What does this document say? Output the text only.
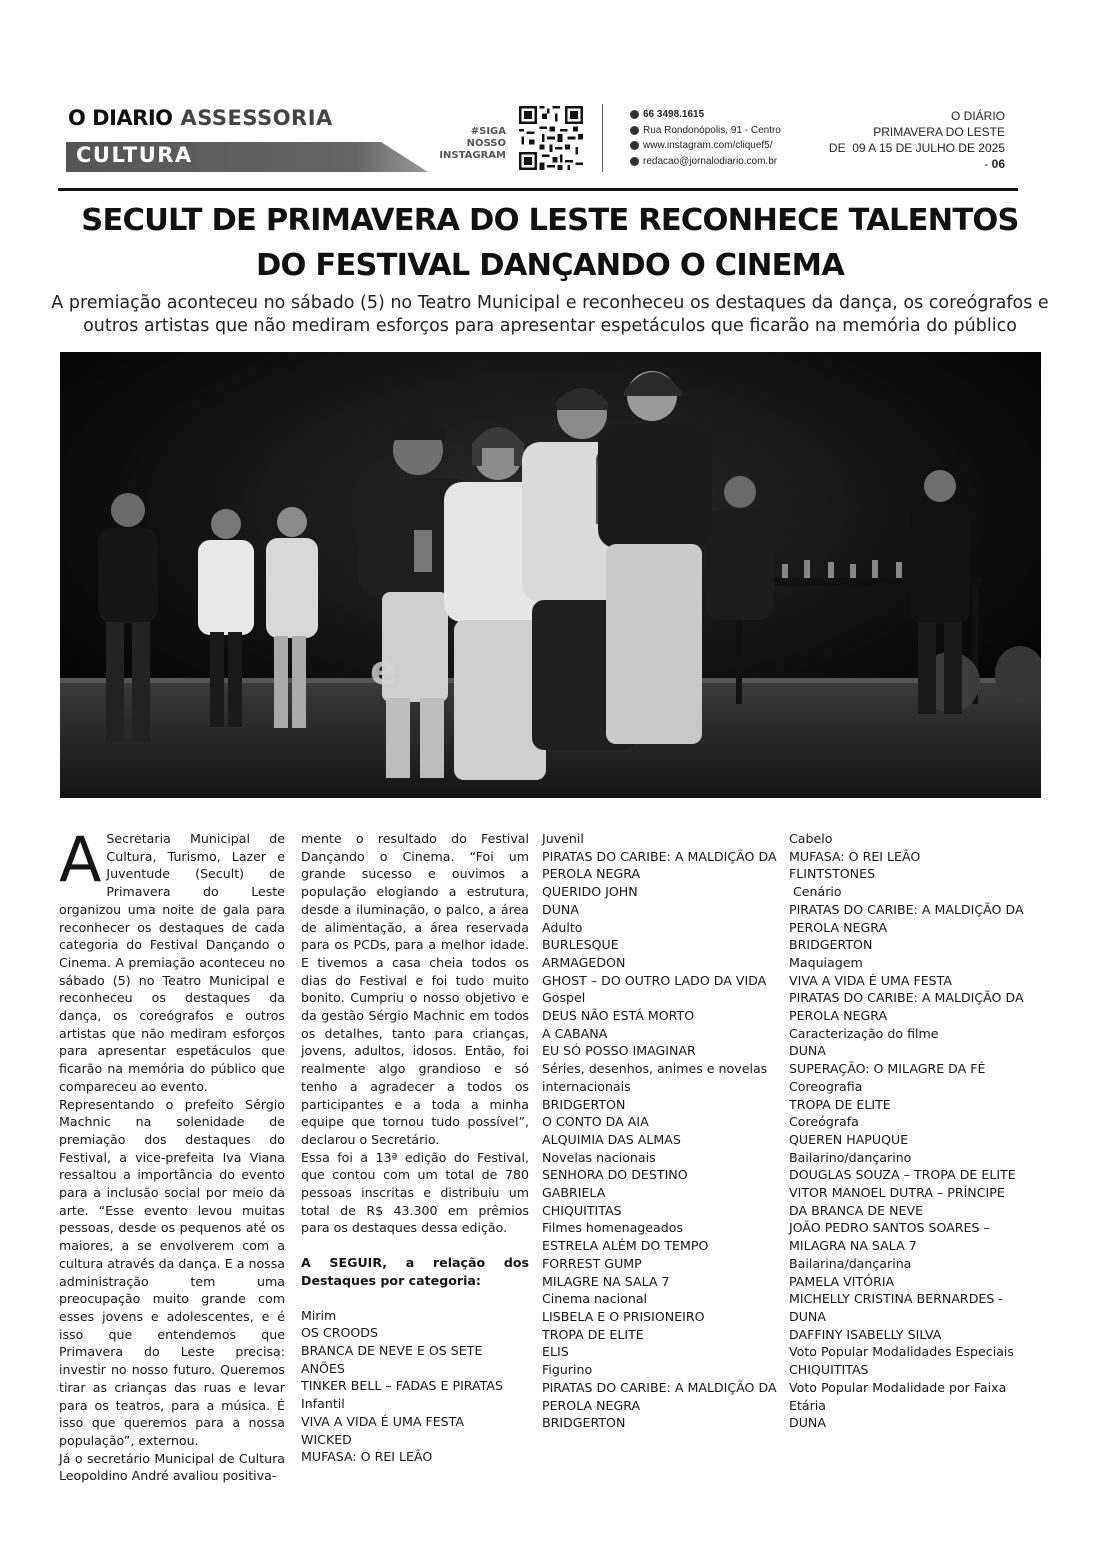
O DIARIO ASSESSORIA
CULTURA
#SIGA
NOSSO
INSTAGRAM
66 3498.1615
Rua Rondonópolis, 91 - Centro
www.instagram.com/cliquef5/
redacao@jornalodiario.com.br
O DIÁRIO
PRIMAVERA DO LESTE
DE  09 A 15 DE JULHO DE 2025
- 06
SECULT DE PRIMAVERA DO LESTE RECONHECE TALENTOS DO FESTIVAL DANÇANDO O CINEMA
A premiação aconteceu no sábado (5) no Teatro Municipal e reconheceu os destaques da dança, os coreógrafos e outros artistas que não mediram esforços para apresentar espetáculos que ficarão na memória do público
e

A Secretaria Municipal de Cultura, Turismo, Lazer e Juventude (Secult) de Primavera do Leste organizou uma noite de gala para reconhecer os destaques de cada categoria do Festival Dançando o Cinema. A premiação aconteceu no sábado (5) no Teatro Municipal e reconheceu os destaques da dança, os coreógrafos e outros artistas que não mediram esforços para apresentar espetáculos que ficarão na memória do público que compareceu ao evento.

Representando o prefeito Sérgio Machnic na solenidade de premiação dos destaques do Festival, a vice-prefeita Iva Viana ressaltou a importância do evento para a inclusão social por meio da arte. “Esse evento levou muitas pessoas, desde os pequenos até os maiores, a se envolverem com a cultura através da dança. E a nossa administração tem uma preocupação muito grande com esses jovens e adolescentes, e é isso que entendemos que Primavera do Leste precisa: investir no nosso futuro. Queremos tirar as crianças das ruas e levar para os teatros, para a música. É isso que queremos para a nossa população”, externou.

Já o secretário Municipal de Cultura Leopoldino André avaliou positiva-

mente o resultado do Festival Dançando o Cinema. “Foi um grande sucesso e ouvimos a população elogiando a estrutura, desde a iluminação, o palco, a área de alimentação, a área reservada para os PCDs, para a melhor idade. E tivemos a casa cheia todos os dias do Festival e foi tudo muito bonito. Cumpriu o nosso objetivo e da gestão Sérgio Machnic em todos os detalhes, tanto para crianças, jovens, adultos, idosos. Então, foi realmente algo grandioso e só tenho a agradecer a todos os participantes e a toda a minha equipe que tornou tudo possível”, declarou o Secretário.

Essa foi a 13ª edição do Festival, que contou com um total de 780 pessoas inscritas e distribuiu um total de R$ 43.300 em prêmios para os destaques dessa edição.

A SEGUIR, a relação dos Destaques por categoria:

Mirim
OS CROODS
BRANCA DE NEVE E OS SETE ANÕES
TINKER BELL – FADAS E PIRATAS
Infantil
VIVA A VIDA É UMA FESTA
WICKED
MUFASA: O REI LEÃO
Juvenil
PIRATAS DO CARIBE: A MALDIÇÃO DA PEROLA NEGRA
QUERIDO JOHN
DUNA
Adulto
BURLESQUE
ARMAGEDON
GHOST – DO OUTRO LADO DA VIDA
Gospel
DEUS NÃO ESTÁ MORTO
A CABANA
EU SÓ POSSO IMAGINAR
Séries, desenhos, animes e novelas internacionais
BRIDGERTON
O CONTO DA AIA
ALQUIMIA DAS ALMAS
Novelas nacionais
SENHORA DO DESTINO
GABRIELA
CHIQUITITAS
Filmes homenageados
ESTRELA ALÉM DO TEMPO
FORREST GUMP
MILAGRE NA SALA 7
Cinema nacional
LISBELA E O PRISIONEIRO
TROPA DE ELITE
ELIS
Figurino
PIRATAS DO CARIBE: A MALDIÇÃO DA PEROLA NEGRA
BRIDGERTON
Cabelo
MUFASA: O REI LEÃO
FLINTSTONES
Cenário
PIRATAS DO CARIBE: A MALDIÇÃO DA PEROLA NEGRA
BRIDGERTON
Maquiagem
VIVA A VIDA É UMA FESTA
PIRATAS DO CARIBE: A MALDIÇÃO DA PEROLA NEGRA
Caracterização do filme
DUNA
SUPERAÇÃO: O MILAGRE DA FÉ
Coreografia
TROPA DE ELITE
Coreógrafa
QUEREN HAPUQUE
Bailarino/dançarino
DOUGLAS SOUZA – TROPA DE ELITE
VITOR MANOEL DUTRA – PRÍNCIPE DA BRANCA DE NEVE
JOÃO PEDRO SANTOS SOARES – MILAGRA NA SALA 7
Bailarina/dançarina
PAMELA VITÓRIA
MICHELLY CRISTINA BERNARDES - DUNA
DAFFINY ISABELLY SILVA
Voto Popular Modalidades Especiais
CHIQUITITAS
Voto Popular Modalidade por Faixa Etária
DUNA
